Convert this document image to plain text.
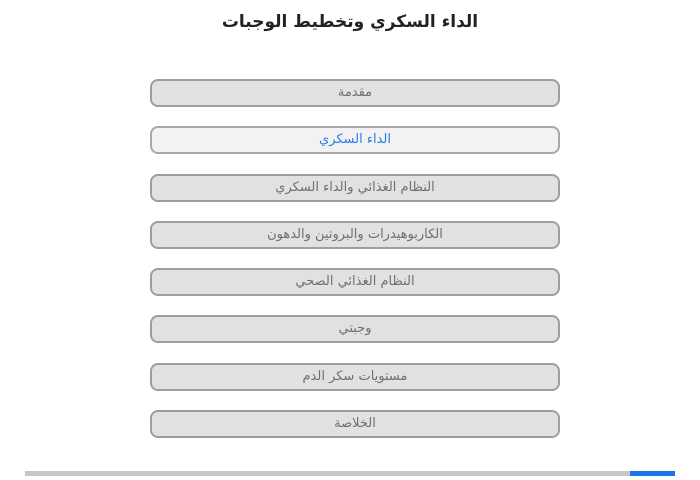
الداء السكري وتخطيط الوجبات
مقدمة
الداء السكري
النظام الغذائي والداء السكري
الكاربوهيدرات والبروتين والدهون
النظام الغذائي الصحي
وجبتي
مستويات سكر الدم
الخلاصة
